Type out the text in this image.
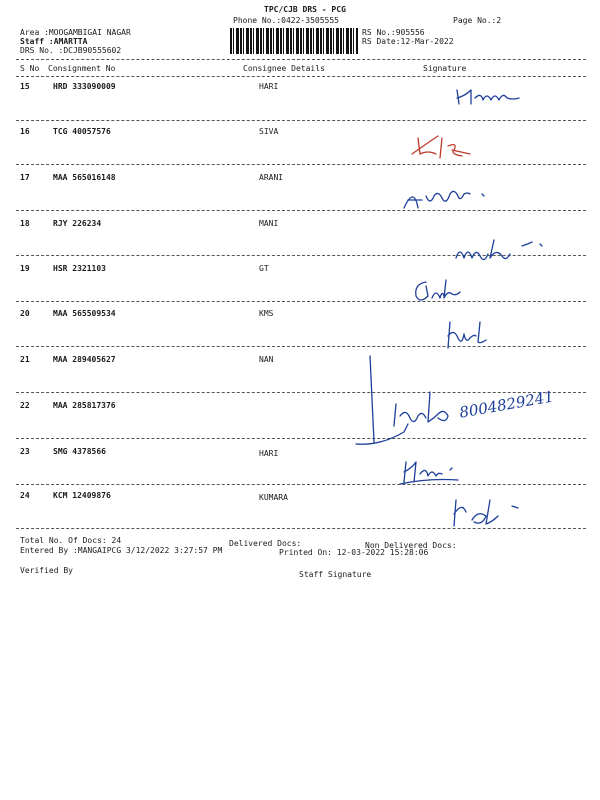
TPC/CJB DRS - PCG
Phone No.:0422-3505555	Page No.:2
Area :MOOGAMBIGAI NAGAR
Staff :AMARTTA
DRS No. :DCJB90555602
RS No.:905556
RS Date:12-Mar-2022
S No Consignment No	Consignee Details	Signature
15	HRD 333090009	HARI
16	TCG 40057576	SIVA
17	MAA 565016148	ARANI
18	RJY 226234	MANI
19	HSR 2321103	GT
20	MAA 565509534	KMS
21	MAA 289405627	NAN
22	MAA 285817376
23	SMG 4378566	HARI
24	KCM 12409876	KUMARA
8004829241
Total No. Of Docs: 24	Delivered Docs:	Non Delivered Docs:
Entered By :MANGAIPCG 3/12/2022 3:27:57 PM	Printed On: 12-03-2022 15:28:06
Verified By	Staff Signature
